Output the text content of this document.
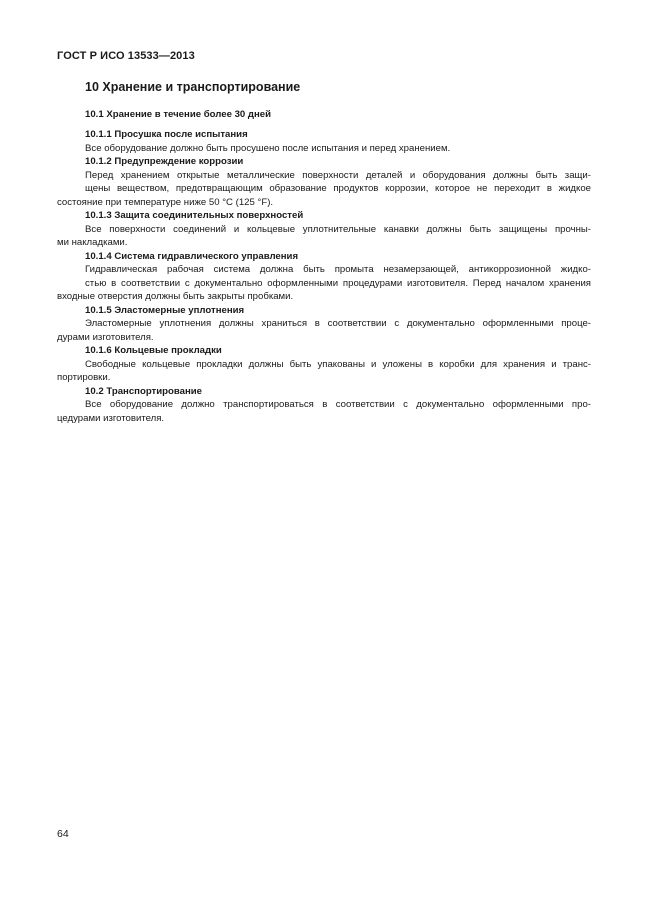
ГОСТ Р ИСО 13533—2013
10 Хранение и транспортирование
10.1 Хранение в течение более 30 дней
10.1.1 Просушка после испытания

Все оборудование должно быть просушено после испытания и перед хранением.

10.1.2 Предупреждение коррозии
Перед хранением открытые металлические поверхности деталей и оборудования должны быть защи-
щены веществом, предотвращающим образование продуктов коррозии, которое не переходит в жидкое
состояние при температуре ниже 50 °С (125 °F).
10.1.3 Защита соединительных поверхностей
Все поверхности соединений и кольцевые уплотнительные канавки должны быть защищены прочны-
ми накладками.
10.1.4 Система гидравлического управления
Гидравлическая рабочая система должна быть промыта незамерзающей, антикоррозионной жидко-
стью в соответствии с документально оформленными процедурами изготовителя. Перед началом хранения
входные отверстия должны быть закрыты пробками.
10.1.5 Эластомерные уплотнения
Эластомерные уплотнения должны храниться в соответствии с документально оформленными проце-
дурами изготовителя.
10.1.6 Кольцевые прокладки
Свободные кольцевые прокладки должны быть упакованы и уложены в коробки для хранения и транс-
портировки.
10.2 Транспортирование
Все оборудование должно транспортироваться в соответствии с документально оформленными про-
цедурами изготовителя.
64
